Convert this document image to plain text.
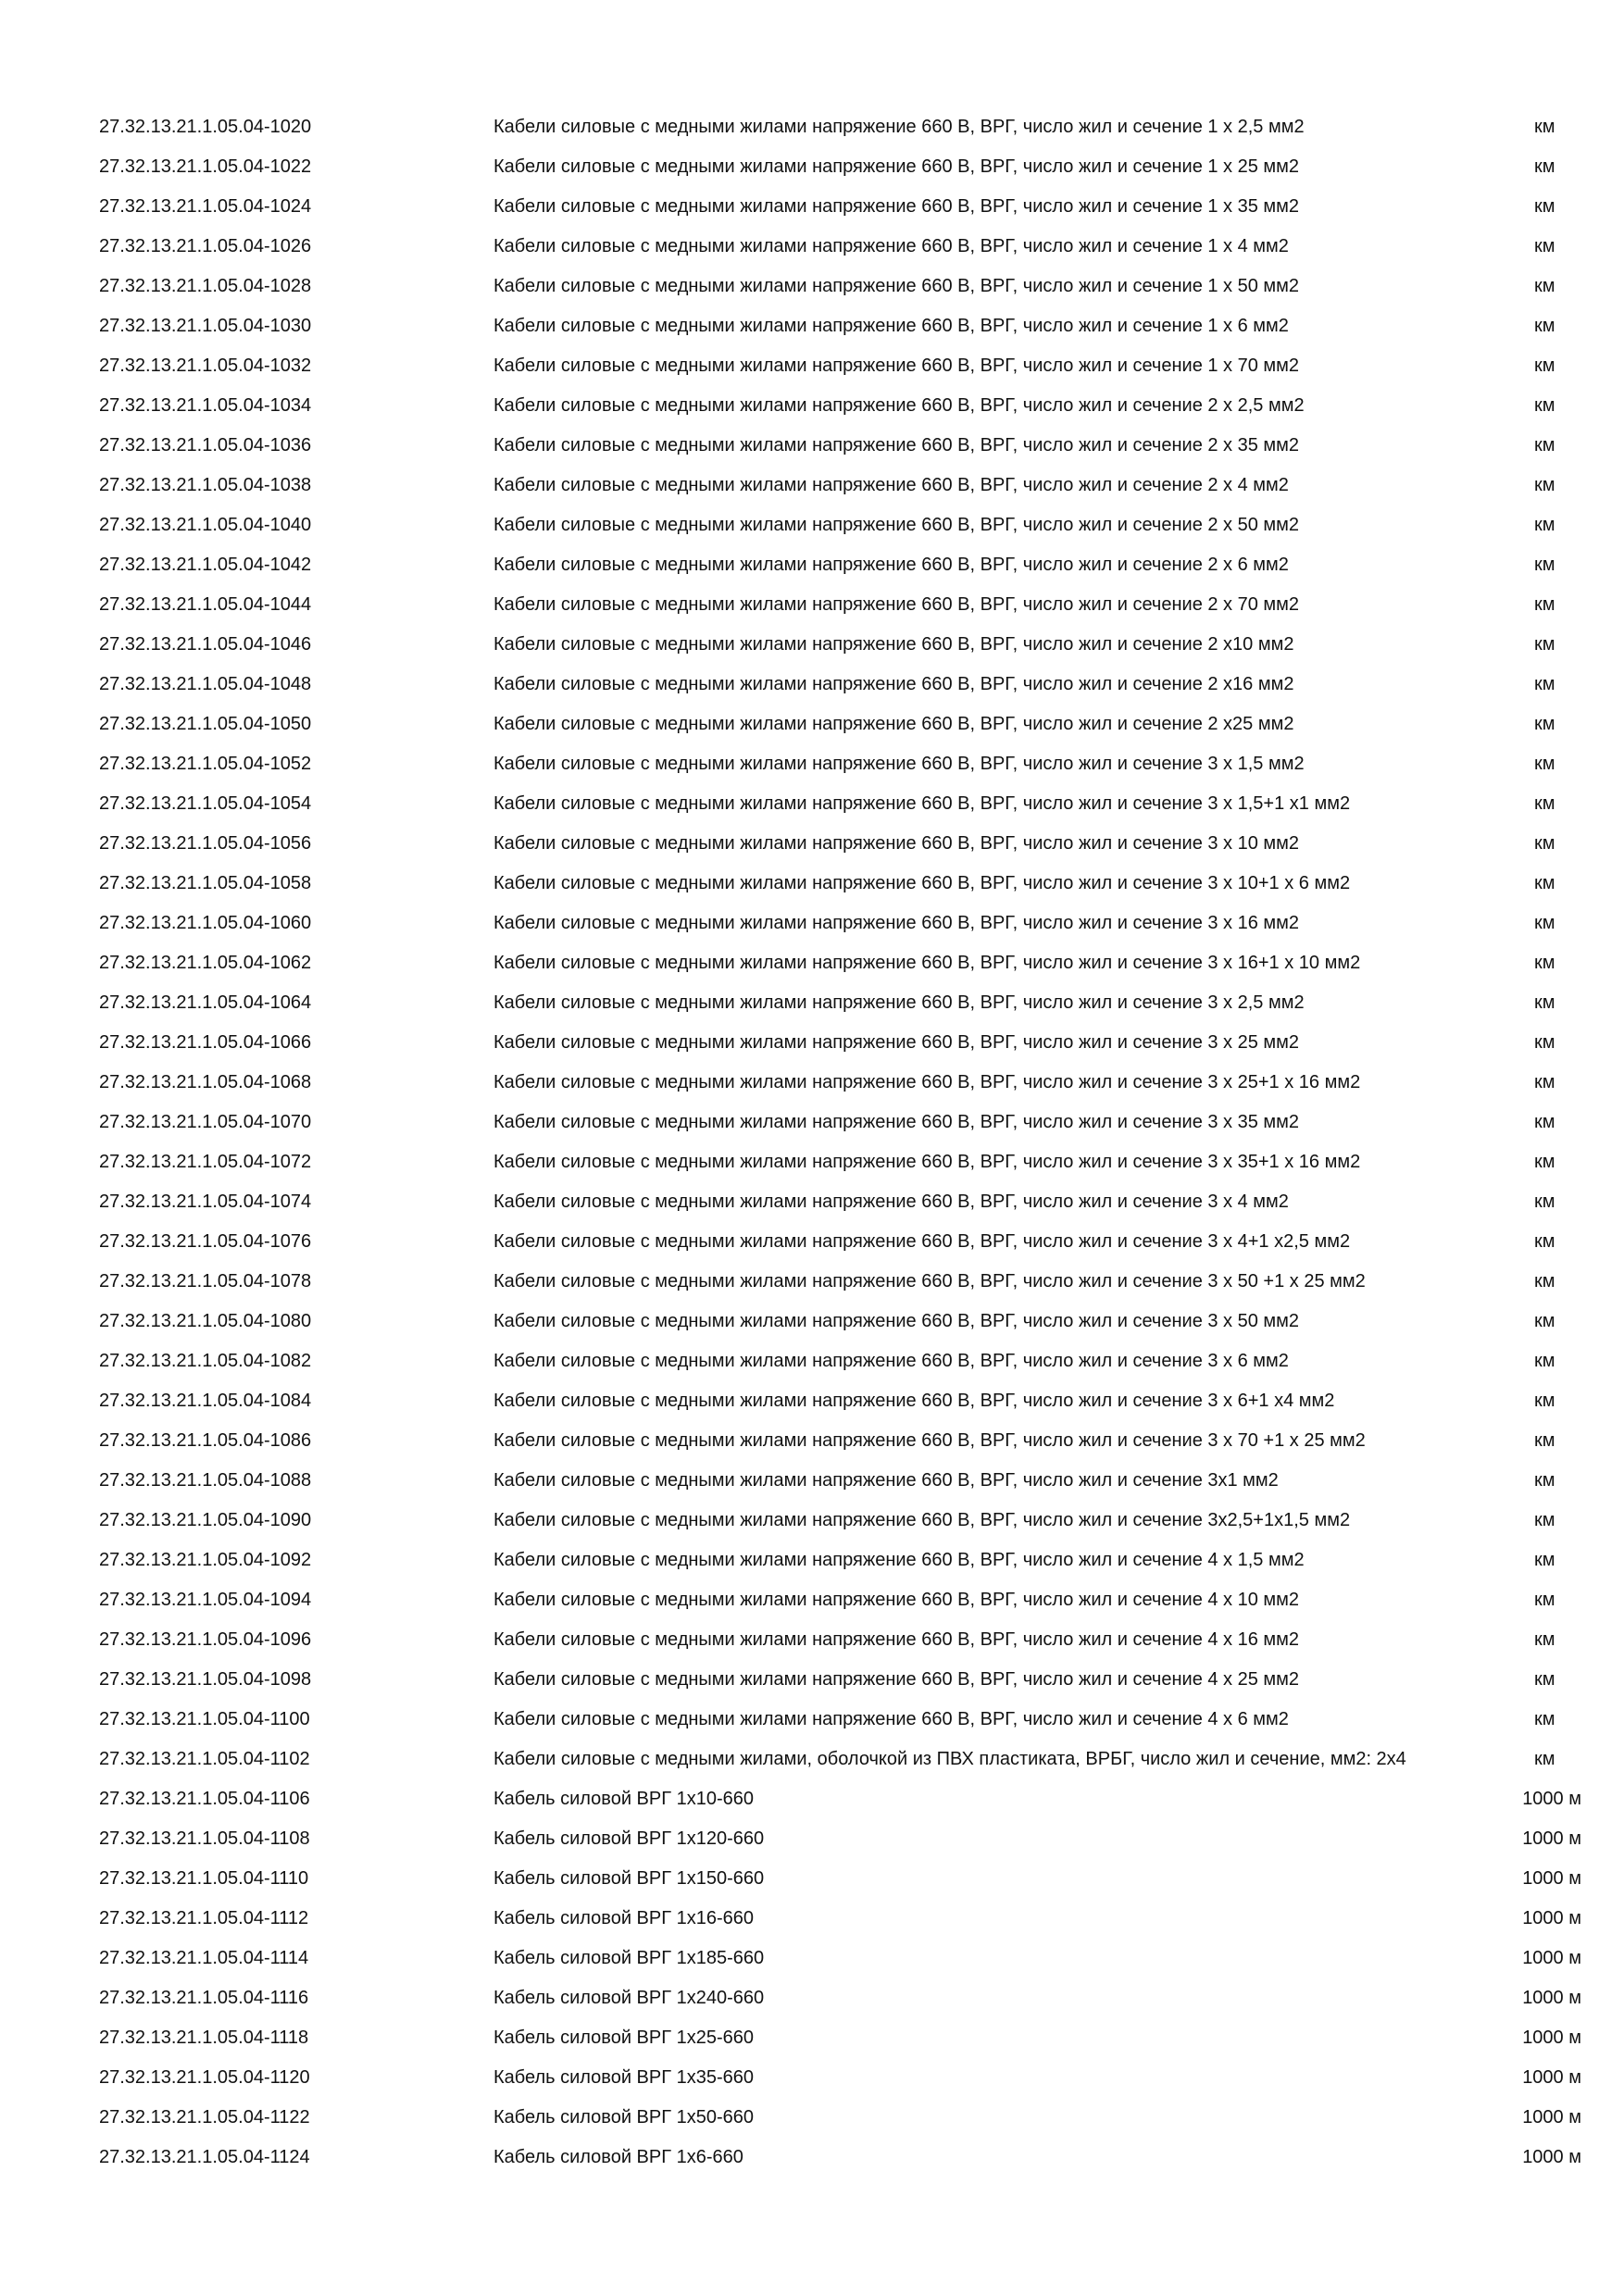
27.32.13.21.1.05.04-1020	Кабели силовые с медными жилами напряжение 660 В, ВРГ, число жил и сечение 1 х 2,5 мм2	км
27.32.13.21.1.05.04-1022	Кабели силовые с медными жилами напряжение 660 В, ВРГ, число жил и сечение 1 х 25 мм2	км
27.32.13.21.1.05.04-1024	Кабели силовые с медными жилами напряжение 660 В, ВРГ, число жил и сечение 1 х 35 мм2	км
27.32.13.21.1.05.04-1026	Кабели силовые с медными жилами напряжение 660 В, ВРГ, число жил и сечение 1 х 4 мм2	км
27.32.13.21.1.05.04-1028	Кабели силовые с медными жилами напряжение 660 В, ВРГ, число жил и сечение 1 х 50 мм2	км
27.32.13.21.1.05.04-1030	Кабели силовые с медными жилами напряжение 660 В, ВРГ, число жил и сечение 1 х 6 мм2	км
27.32.13.21.1.05.04-1032	Кабели силовые с медными жилами напряжение 660 В, ВРГ, число жил и сечение 1 х 70 мм2	км
27.32.13.21.1.05.04-1034	Кабели силовые с медными жилами напряжение 660 В, ВРГ, число жил и сечение 2 х 2,5 мм2	км
27.32.13.21.1.05.04-1036	Кабели силовые с медными жилами напряжение 660 В, ВРГ, число жил и сечение 2 х 35 мм2	км
27.32.13.21.1.05.04-1038	Кабели силовые с медными жилами напряжение 660 В, ВРГ, число жил и сечение 2 х 4 мм2	км
27.32.13.21.1.05.04-1040	Кабели силовые с медными жилами напряжение 660 В, ВРГ, число жил и сечение 2 х 50 мм2	км
27.32.13.21.1.05.04-1042	Кабели силовые с медными жилами напряжение 660 В, ВРГ, число жил и сечение 2 х 6 мм2	км
27.32.13.21.1.05.04-1044	Кабели силовые с медными жилами напряжение 660 В, ВРГ, число жил и сечение 2 х 70 мм2	км
27.32.13.21.1.05.04-1046	Кабели силовые с медными жилами напряжение 660 В, ВРГ, число жил и сечение 2 х10 мм2	км
27.32.13.21.1.05.04-1048	Кабели силовые с медными жилами напряжение 660 В, ВРГ, число жил и сечение 2 х16 мм2	км
27.32.13.21.1.05.04-1050	Кабели силовые с медными жилами напряжение 660 В, ВРГ, число жил и сечение 2 х25 мм2	км
27.32.13.21.1.05.04-1052	Кабели силовые с медными жилами напряжение 660 В, ВРГ, число жил и сечение 3 х 1,5 мм2	км
27.32.13.21.1.05.04-1054	Кабели силовые с медными жилами напряжение 660 В, ВРГ, число жил и сечение 3 х 1,5+1 х1 мм2	км
27.32.13.21.1.05.04-1056	Кабели силовые с медными жилами напряжение 660 В, ВРГ, число жил и сечение 3 х 10 мм2	км
27.32.13.21.1.05.04-1058	Кабели силовые с медными жилами напряжение 660 В, ВРГ, число жил и сечение 3 х 10+1 х 6 мм2	км
27.32.13.21.1.05.04-1060	Кабели силовые с медными жилами напряжение 660 В, ВРГ, число жил и сечение 3 х 16 мм2	км
27.32.13.21.1.05.04-1062	Кабели силовые с медными жилами напряжение 660 В, ВРГ, число жил и сечение 3 х 16+1 х 10 мм2	км
27.32.13.21.1.05.04-1064	Кабели силовые с медными жилами напряжение 660 В, ВРГ, число жил и сечение 3 х 2,5 мм2	км
27.32.13.21.1.05.04-1066	Кабели силовые с медными жилами напряжение 660 В, ВРГ, число жил и сечение 3 х 25 мм2	км
27.32.13.21.1.05.04-1068	Кабели силовые с медными жилами напряжение 660 В, ВРГ, число жил и сечение 3 х 25+1 х 16 мм2	км
27.32.13.21.1.05.04-1070	Кабели силовые с медными жилами напряжение 660 В, ВРГ, число жил и сечение 3 х 35 мм2	км
27.32.13.21.1.05.04-1072	Кабели силовые с медными жилами напряжение 660 В, ВРГ, число жил и сечение 3 х 35+1 х 16 мм2	км
27.32.13.21.1.05.04-1074	Кабели силовые с медными жилами напряжение 660 В, ВРГ, число жил и сечение 3 х 4 мм2	км
27.32.13.21.1.05.04-1076	Кабели силовые с медными жилами напряжение 660 В, ВРГ, число жил и сечение 3 х 4+1 х2,5 мм2	км
27.32.13.21.1.05.04-1078	Кабели силовые с медными жилами напряжение 660 В, ВРГ, число жил и сечение 3 х 50 +1 х 25 мм2	км
27.32.13.21.1.05.04-1080	Кабели силовые с медными жилами напряжение 660 В, ВРГ, число жил и сечение 3 х 50 мм2	км
27.32.13.21.1.05.04-1082	Кабели силовые с медными жилами напряжение 660 В, ВРГ, число жил и сечение 3 х 6 мм2	км
27.32.13.21.1.05.04-1084	Кабели силовые с медными жилами напряжение 660 В, ВРГ, число жил и сечение 3 х 6+1 х4 мм2	км
27.32.13.21.1.05.04-1086	Кабели силовые с медными жилами напряжение 660 В, ВРГ, число жил и сечение 3 х 70 +1 х 25 мм2	км
27.32.13.21.1.05.04-1088	Кабели силовые с медными жилами напряжение 660 В, ВРГ, число жил и сечение 3х1 мм2	км
27.32.13.21.1.05.04-1090	Кабели силовые с медными жилами напряжение 660 В, ВРГ, число жил и сечение 3х2,5+1х1,5 мм2	км
27.32.13.21.1.05.04-1092	Кабели силовые с медными жилами напряжение 660 В, ВРГ, число жил и сечение 4 х 1,5 мм2	км
27.32.13.21.1.05.04-1094	Кабели силовые с медными жилами напряжение 660 В, ВРГ, число жил и сечение 4 х 10 мм2	км
27.32.13.21.1.05.04-1096	Кабели силовые с медными жилами напряжение 660 В, ВРГ, число жил и сечение 4 х 16 мм2	км
27.32.13.21.1.05.04-1098	Кабели силовые с медными жилами напряжение 660 В, ВРГ, число жил и сечение 4 х 25 мм2	км
27.32.13.21.1.05.04-1100	Кабели силовые с медными жилами напряжение 660 В, ВРГ, число жил и сечение 4 х 6 мм2	км
27.32.13.21.1.05.04-1102	Кабели силовые с медными жилами, оболочкой из ПВХ пластиката, ВРБГ, число жил и сечение, мм2: 2х4	км
27.32.13.21.1.05.04-1106	Кабель силовой ВРГ 1х10-660	1000 м
27.32.13.21.1.05.04-1108	Кабель силовой ВРГ 1х120-660	1000 м
27.32.13.21.1.05.04-1110	Кабель силовой ВРГ 1х150-660	1000 м
27.32.13.21.1.05.04-1112	Кабель силовой ВРГ 1х16-660	1000 м
27.32.13.21.1.05.04-1114	Кабель силовой ВРГ 1х185-660	1000 м
27.32.13.21.1.05.04-1116	Кабель силовой ВРГ 1х240-660	1000 м
27.32.13.21.1.05.04-1118	Кабель силовой ВРГ 1х25-660	1000 м
27.32.13.21.1.05.04-1120	Кабель силовой ВРГ 1х35-660	1000 м
27.32.13.21.1.05.04-1122	Кабель силовой ВРГ 1х50-660	1000 м
27.32.13.21.1.05.04-1124	Кабель силовой ВРГ 1х6-660	1000 м
